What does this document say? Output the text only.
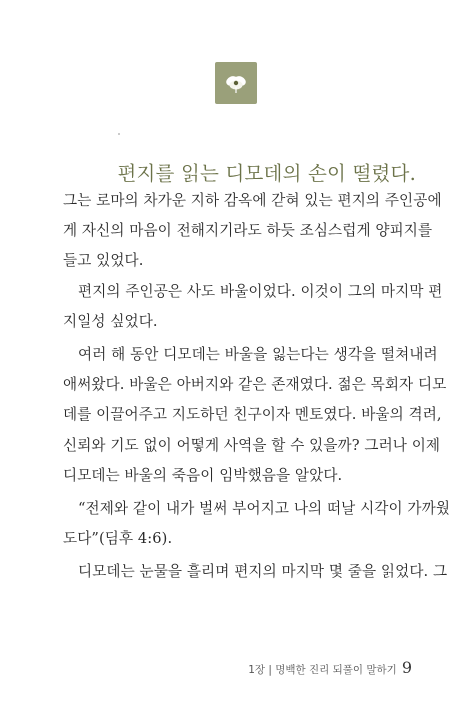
편지를 읽는 디모데의 손이 떨렸다.

그는 로마의 차가운 지하 감옥에 갇혀 있는 편지의 주인공에
게 자신의 마음이 전해지기라도 하듯 조심스럽게 양피지를
들고 있었다.

편지의 주인공은 사도 바울이었다. 이것이 그의 마지막 편
지일성 싶었다.

여러 해 동안 디모데는 바울을 잃는다는 생각을 떨쳐내려
애써왔다. 바울은 아버지와 같은 존재였다. 젊은 목회자 디모
데를 이끌어주고 지도하던 친구이자 멘토였다. 바울의 격려,
신뢰와 기도 없이 어떻게 사역을 할 수 있을까? 그러나 이제
디모데는 바울의 죽음이 임박했음을 알았다.

“전제와 같이 내가 벌써 부어지고 나의 떠날 시각이 가까웠
도다”(딤후 4:6).

디모데는 눈물을 흘리며 편지의 마지막 몇 줄을 읽었다. 그

1장 | 명백한 진리 되풀이 말하기 9
